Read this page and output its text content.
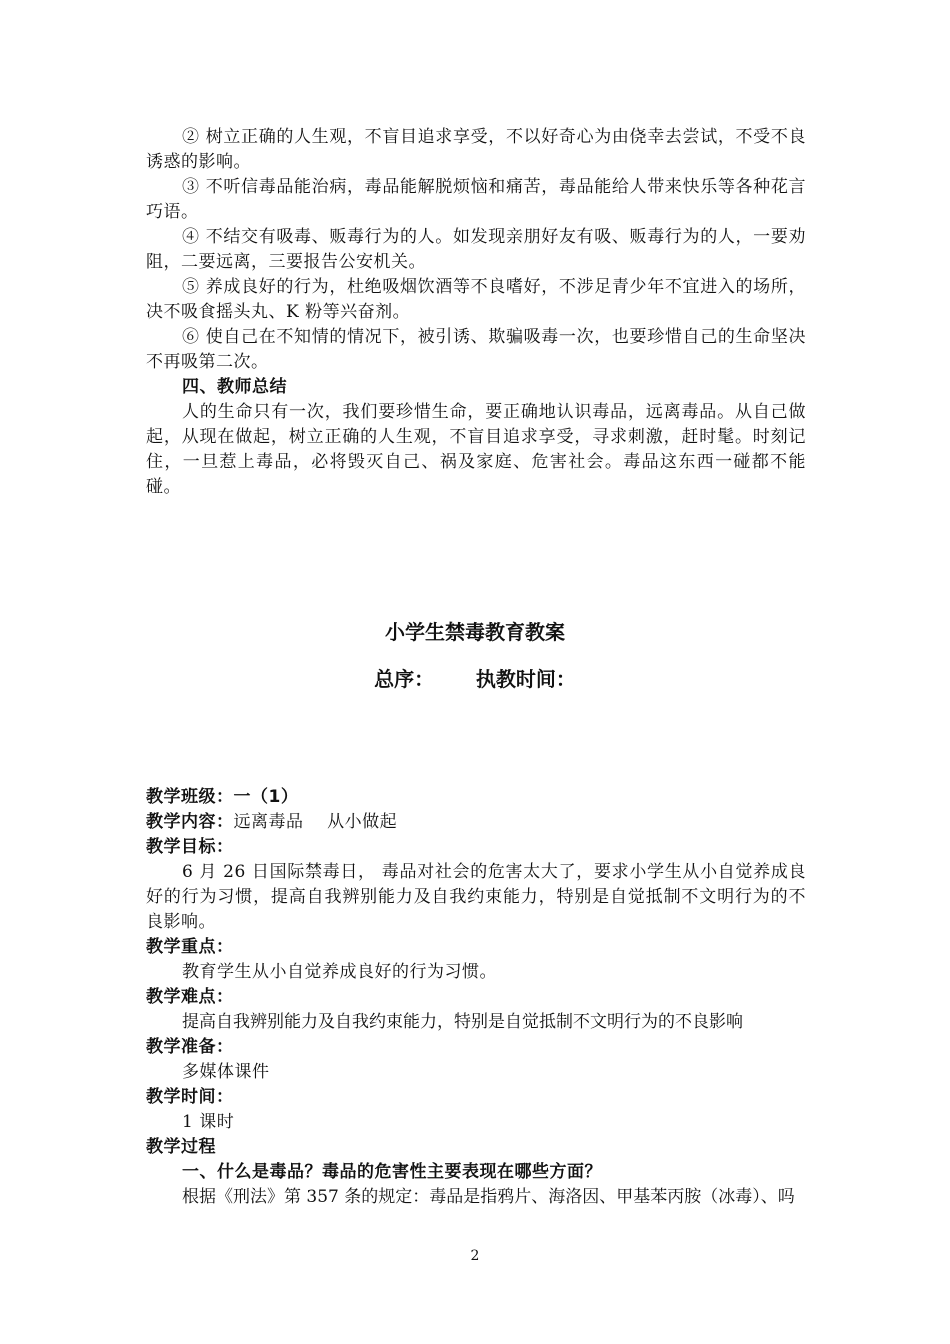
② 树立正确的人生观，不盲目追求享受，不以好奇心为由侥幸去尝试，不受不良诱惑的影响。
③ 不听信毒品能治病，毒品能解脱烦恼和痛苦，毒品能给人带来快乐等各种花言巧语。
④ 不结交有吸毒、贩毒行为的人。如发现亲朋好友有吸、贩毒行为的人，一要劝阻，二要远离，三要报告公安机关。
⑤ 养成良好的行为，杜绝吸烟饮酒等不良嗜好，不涉足青少年不宜进入的场所，决不吸食摇头丸、K 粉等兴奋剂。
⑥ 使自己在不知情的情况下，被引诱、欺骗吸毒一次，也要珍惜自己的生命坚决不再吸第二次。
四、教师总结
人的生命只有一次，我们要珍惜生命，要正确地认识毒品，远离毒品。从自己做起，从现在做起，树立正确的人生观，不盲目追求享受，寻求刺激，赶时髦。时刻记住，一旦惹上毒品，必将毁灭自己、祸及家庭、危害社会。毒品这东西一碰都不能碰。
小学生禁毒教育教案
总序：      执教时间：
教学班级：一（1）
教学内容：远离毒品    从小做起
教学目标：
6 月 26 日国际禁毒日， 毒品对社会的危害太大了，要求小学生从小自觉养成良好的行为习惯，提高自我辨别能力及自我约束能力，特别是自觉抵制不文明行为的不良影响。
教学重点：
教育学生从小自觉养成良好的行为习惯。
教学难点：
提高自我辨别能力及自我约束能力，特别是自觉抵制不文明行为的不良影响
教学准备：
多媒体课件
教学时间：
1 课时
教学过程
一、什么是毒品？毒品的危害性主要表现在哪些方面？
根据《刑法》第 357 条的规定：毒品是指鸦片、海洛因、甲基苯丙胺（冰毒）、吗
2
